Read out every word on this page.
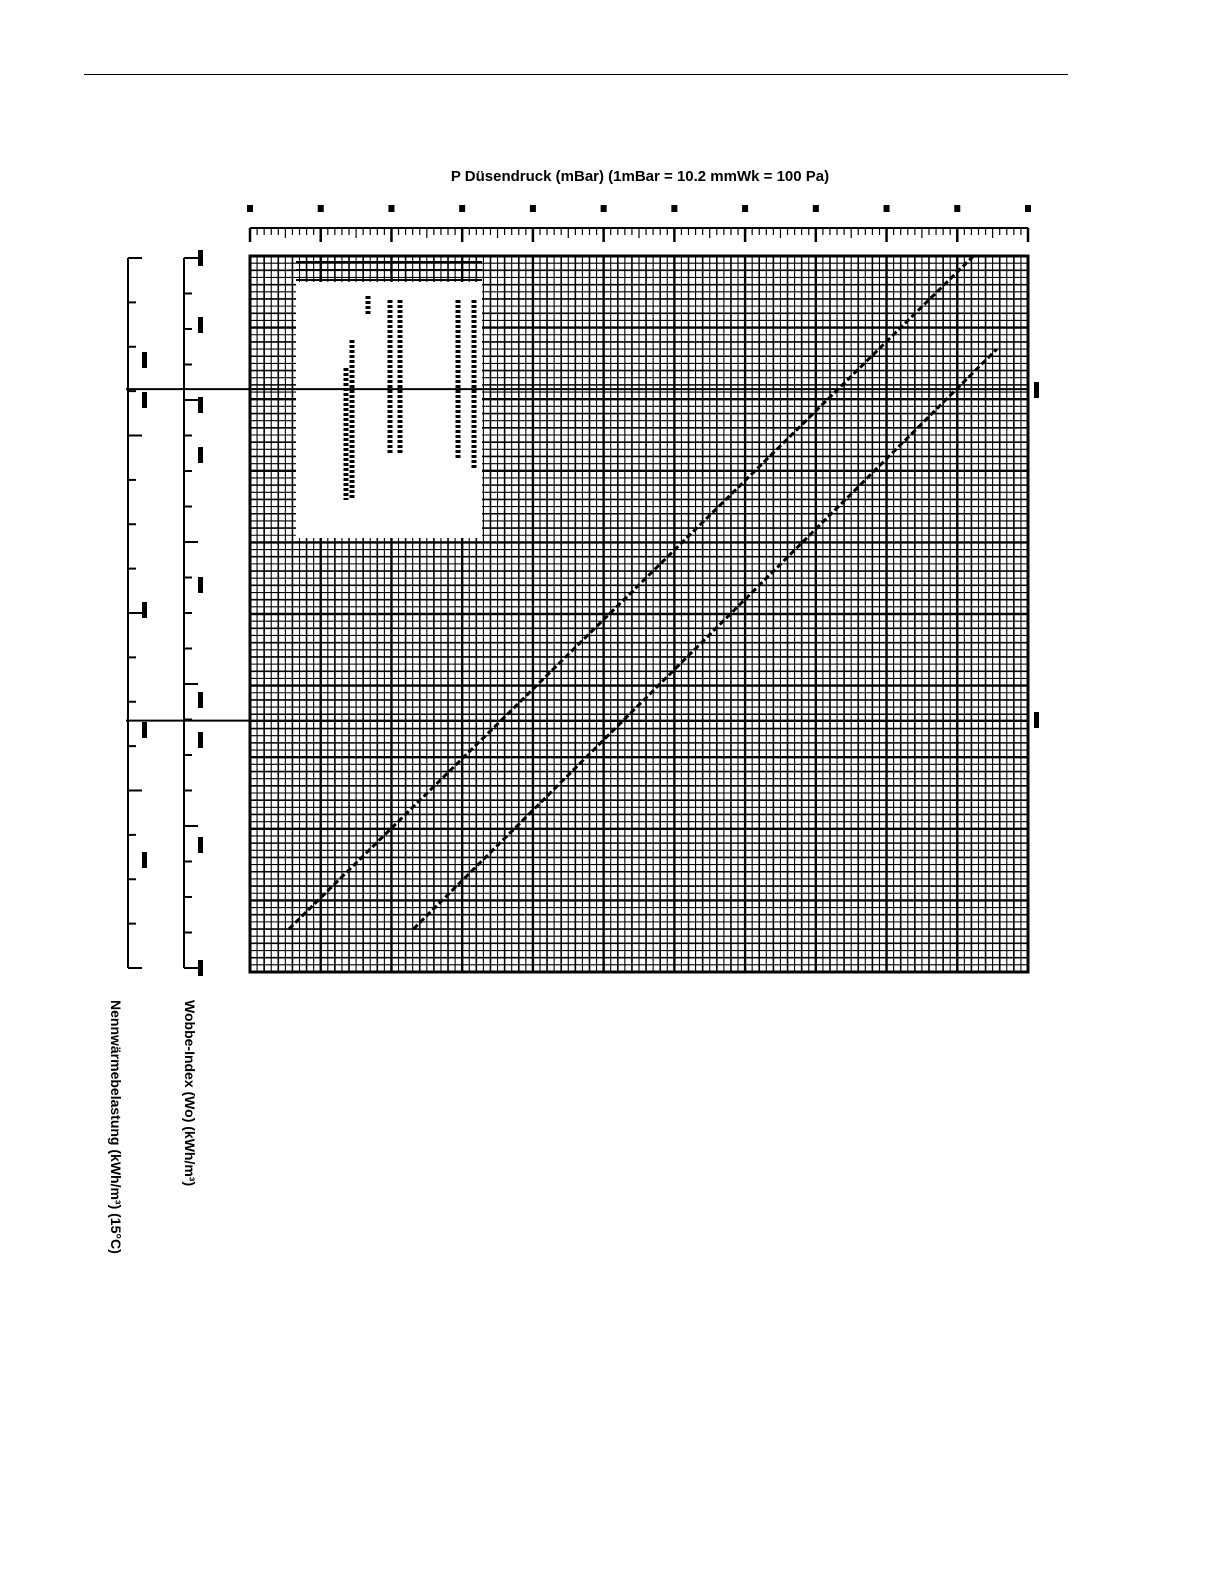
P Düsendruck (mBar) (1mBar = 10.2 mmWk = 100 Pa)
Nennwärmebelastung (kWh/m³) (15°C)	Wobbe-Index (Wo) (kWh/m³)
